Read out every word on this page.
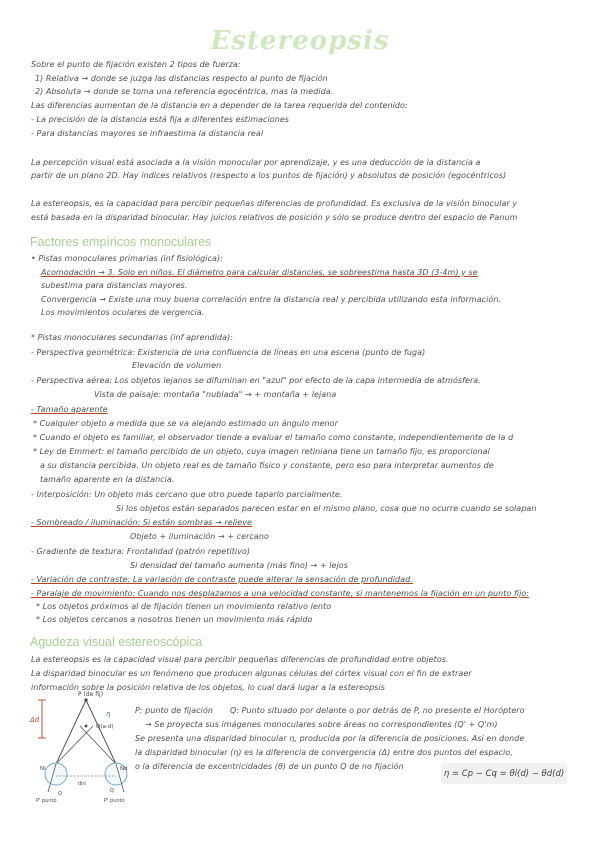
Estereopsis
Sobre el punto de fijación existen 2 tipos de fuerza:
1) Relativa → donde se juzga las distancias respecto al punto de fijación
2) Absoluta → donde se toma una referencia egocéntrica, mas la medida.
Las diferencias aumentan de la distancia en a depender de la tarea requerida del contenido:
- La precisión de la distancia está fija a diferentes estimaciones
- Para distancias mayores se infraestima la distancia real
La percepción visual está asociada a la visión monocular por aprendizaje, y es una deducción de la distancia a
partir de un plano 2D. Hay índices relativos (respecto a los puntos de fijación) y absolutos de posición (egocéntricos)
La estereopsis, es la capacidad para percibir pequeñas diferencias de profundidad. Es exclusiva de la visión binocular y
está basada en la disparidad binocular. Hay juicios relativos de posición y sólo se produce dentro del espacio de Panum
Factores empíricos monoculares
• Pistas monoculares primarias (inf fisiológica):
Acomodación → 3. Solo en niños. El diámetro para calcular distancias, se sobreestima hasta 3D (3-4m) y se
subestima para distancias mayores.
Convergencia → Existe una muy buena correlación entre la distancia real y percibida utilizando esta información.
Los movimientos oculares de vergencia.
* Pistas monoculares secundarias (inf aprendida):
- Perspectiva geométrica: Existencia de una confluencia de líneas en una escena (punto de fuga)
Elevación de volumen
- Perspectiva aérea: Los objetos lejanos se difuminan en "azul" por efecto de la capa intermedia de atmósfera.
Vista de paisaje: montaña "nublada" → + montaña + lejana
- Tamaño aparente
* Cualquier objeto a medida que se va alejando estimado un ángulo menor
* Cuando el objeto es familiar, el observador tiende a evaluar el tamaño como constante, independientemente de la d
* Ley de Emmert: el tamaño percibido de un objeto, cuya imagen retiniana tiene un tamaño fijo, es proporcional
a su distancia percibida. Un objeto real es de tamaño físico y constante, pero eso para interpretar aumentos de
tamaño aparente en la distancia.
- Interposición: Un objeto más cercano que otro puede taparlo parcialmente.
Si los objetos están separados parecen estar en el mismo plano, cosa que no ocurre cuando se solapan
- Sombreado / iluminación: Si están sombras → relieve
Objeto + iluminación → + cercano
- Gradiente de textura: Frontalidad (patrón repetitivo)
Si densidad del tamaño aumenta (más fino) → + lejos
- Variación de contraste: La variación de contraste puede alterar la sensación de profundidad.
- Paralaje de movimiento: Cuando nos desplazamos a una velocidad constante, si mantenemos la fijación en un punto fijo:
* Los objetos próximos al de fijación tienen un movimiento relativo lento
* Los objetos cercanos a nosotros tienen un movimiento más rápido
Agudeza visual estereoscópica
La estereopsis es la capacidad visual para percibir pequeñas diferencias de profundidad entre objetos.
La disparidad binocular es un fenómeno que producen algunas células del córtex visual con el fin de extraer
información sobre la posición relativa de los objetos, lo cual dará lugar a la estereopsis
Δd
P (de fij)
Q(a-d)
η
Ni	Nd
dni
P' punto	P' punto
Q	Q
P: punto de fijación Q: Punto situado por delante o por detrás de P, no presente el Horóptero
→ Se proyecta sus imágenes monoculares sobre áreas no correspondientes (Q' + Q'm)
Se presenta una disparidad binocular η, producida por la diferencia de posiciones. Así en donde
la disparidad binocular (η) es la diferencia de convergencia (Δ) entre dos puntos del espacio,
o la diferencia de excentricidades (θ) de un punto Q de no fijación
η = Cp − Cq = θi(d) − θd(d)
